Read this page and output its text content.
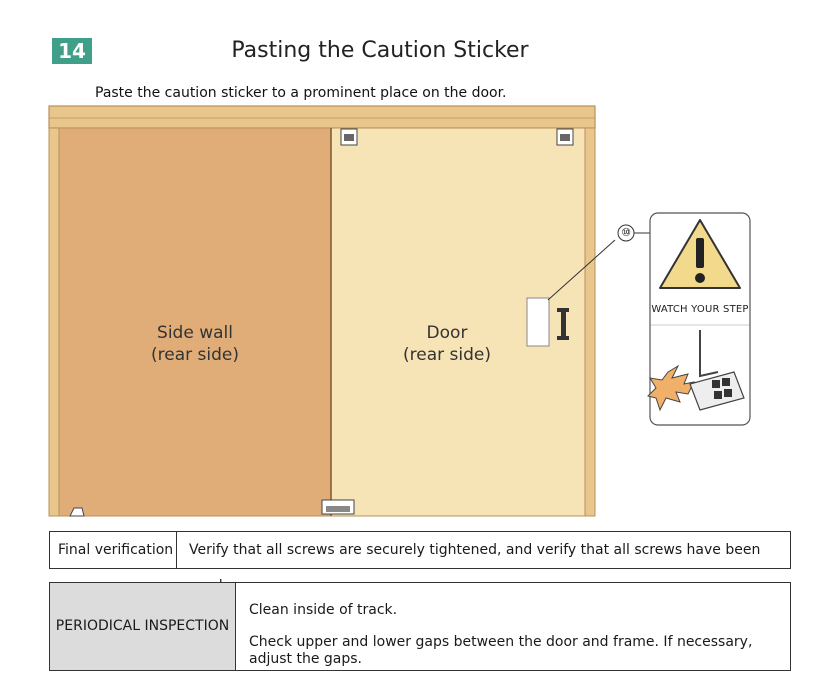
14	Pasting the Caution Sticker
Paste the caution sticker to a prominent place on the door.
Side wall
(rear side)
Door
(rear side)
⑩
WATCH YOUR STEP
Final verification Verify that all screws are securely tightened, and verify that all screws have been
PERIODICAL INSPECTION
Clean inside of track.
Check upper and lower gaps between the door and frame. If necessary,
adjust the gaps.
